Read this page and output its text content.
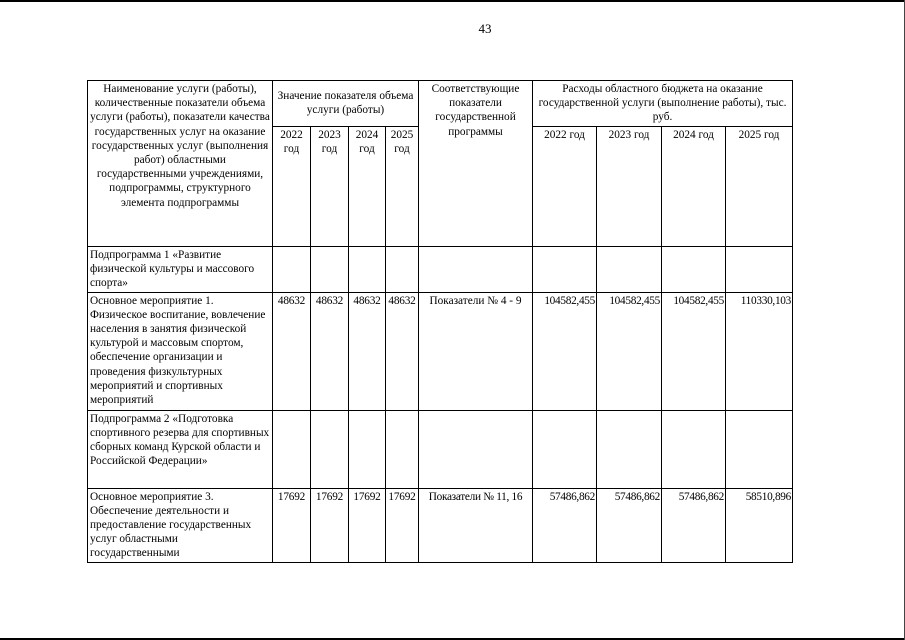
43
Наименование услуги (работы), количественные показатели объема услуги (работы), показатели качества государственных услуг на оказание государственных услуг (выполнения работ) областными государственными учреждениями, подпрограммы, структурного элемента подпрограммы	Значение показателя объема услуги (работы)				Соответствующие показатели государственной программы	Расходы областного бюджета на оказание государственной услуги (выполнение работы), тыс. руб.			
	2022 год	2023 год	2024 год	2025 год		2022 год	2023 год	2024 год	2025 год
Подпрограмма 1 «Развитие физической культуры и массового спорта»									
Основное мероприятие 1. Физическое воспитание, вовлечение населения в занятия физической культурой и массовым спортом, обеспечение организации и проведения физкультурных мероприятий и спортивных мероприятий	48632	48632	48632	48632	Показатели № 4 - 9	104582,455	104582,455	104582,455	110330,103
Подпрограмма 2 «Подготовка спортивного резерва для спортивных сборных команд Курской области и Российской Федерации»									
Основное мероприятие 3. Обеспечение деятельности и предоставление государственных услуг областными государственными	17692	17692	17692	17692	Показатели № 11, 16	57486,862	57486,862	57486,862	58510,896
